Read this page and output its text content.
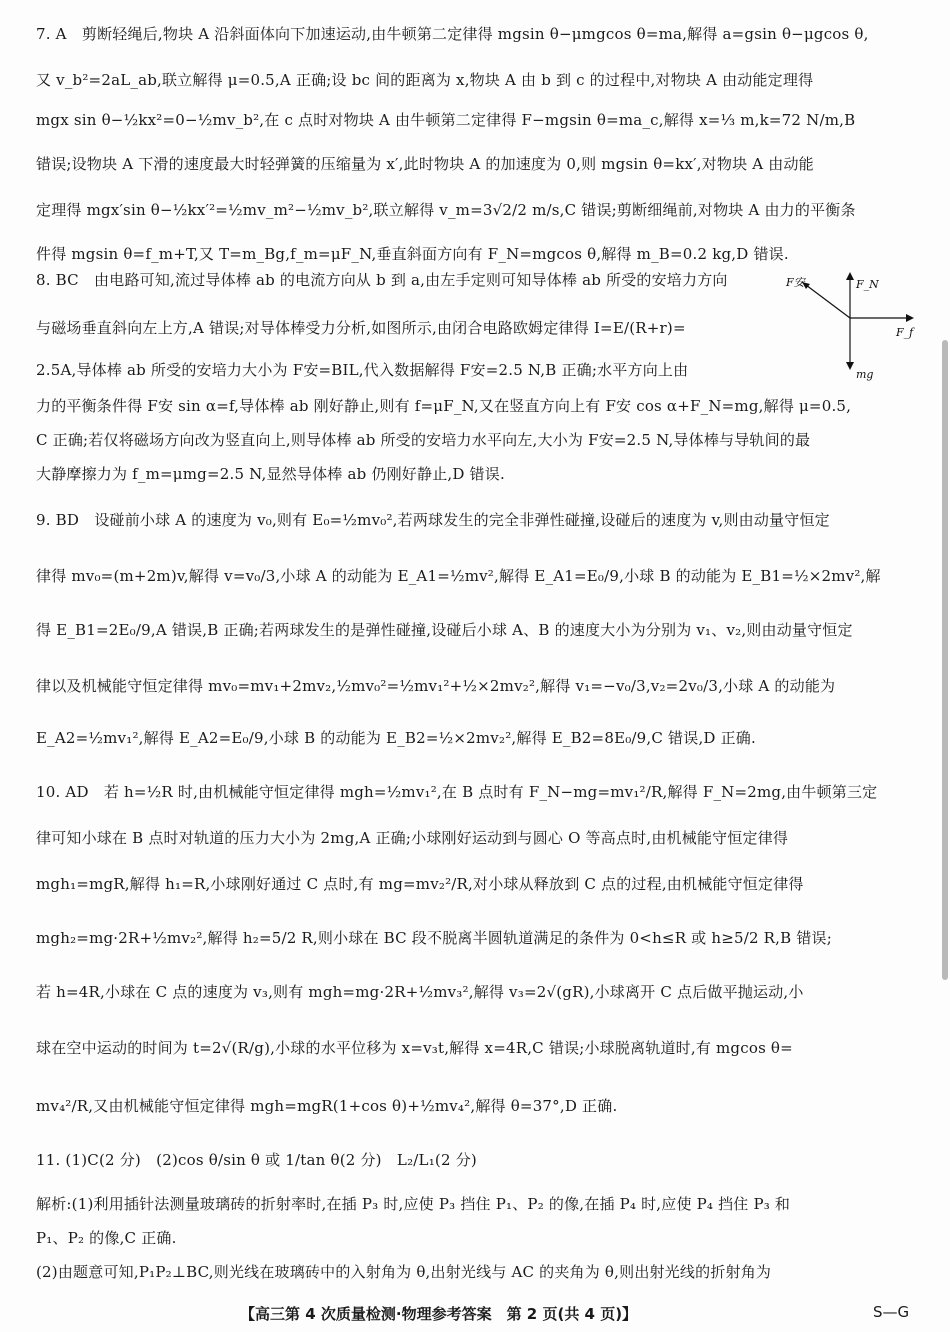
7. A　剪断轻绳后,物块 A 沿斜面体向下加速运动,由牛顿第二定律得 mgsin θ−μmgcos θ=ma,解得 a=gsin θ−μgcos θ,
又 v_b²=2aL_ab,联立解得 μ=0.5,A 正确;设 bc 间的距离为 x,物块 A 由 b 到 c 的过程中,对物块 A 由动能定理得
mgx sin θ−½kx²=0−½mv_b²,在 c 点时对物块 A 由牛顿第二定律得 F−mgsin θ=ma_c,解得 x=⅓ m,k=72 N/m,B
错误;设物块 A 下滑的速度最大时轻弹簧的压缩量为 x′,此时物块 A 的加速度为 0,则 mgsin θ=kx′,对物块 A 由动能
定理得 mgx′sin θ−½kx′²=½mv_m²−½mv_b²,联立解得 v_m=3√2/2 m/s,C 错误;剪断细绳前,对物块 A 由力的平衡条
件得 mgsin θ=f_m+T,又 T=m_Bg,f_m=μF_N,垂直斜面方向有 F_N=mgcos θ,解得 m_B=0.2 kg,D 错误.
8. BC　由电路可知,流过导体棒 ab 的电流方向从 b 到 a,由左手定则可知导体棒 ab 所受的安培力方向
与磁场垂直斜向左上方,A 错误;对导体棒受力分析,如图所示,由闭合电路欧姆定律得 I=E/(R+r)=
2.5A,导体棒 ab 所受的安培力大小为 F安=BIL,代入数据解得 F安=2.5 N,B 正确;水平方向上由
力的平衡条件得 F安 sin α=f,导体棒 ab 刚好静止,则有 f=μF_N,又在竖直方向上有 F安 cos α+F_N=mg,解得 μ=0.5,
C 正确;若仅将磁场方向改为竖直向上,则导体棒 ab 所受的安培力水平向左,大小为 F安=2.5 N,导体棒与导轨间的最
大静摩擦力为 f_m=μmg=2.5 N,显然导体棒 ab 仍刚好静止,D 错误.
F安	F_N
F_f
mg
9. BD　设碰前小球 A 的速度为 v₀,则有 E₀=½mv₀²,若两球发生的完全非弹性碰撞,设碰后的速度为 v,则由动量守恒定
律得 mv₀=(m+2m)v,解得 v=v₀/3,小球 A 的动能为 E_A1=½mv²,解得 E_A1=E₀/9,小球 B 的动能为 E_B1=½×2mv²,解
得 E_B1=2E₀/9,A 错误,B 正确;若两球发生的是弹性碰撞,设碰后小球 A、B 的速度大小为分别为 v₁、v₂,则由动量守恒定
律以及机械能守恒定律得 mv₀=mv₁+2mv₂,½mv₀²=½mv₁²+½×2mv₂²,解得 v₁=−v₀/3,v₂=2v₀/3,小球 A 的动能为
E_A2=½mv₁²,解得 E_A2=E₀/9,小球 B 的动能为 E_B2=½×2mv₂²,解得 E_B2=8E₀/9,C 错误,D 正确.
10. AD　若 h=½R 时,由机械能守恒定律得 mgh=½mv₁²,在 B 点时有 F_N−mg=mv₁²/R,解得 F_N=2mg,由牛顿第三定
律可知小球在 B 点时对轨道的压力大小为 2mg,A 正确;小球刚好运动到与圆心 O 等高点时,由机械能守恒定律得
mgh₁=mgR,解得 h₁=R,小球刚好通过 C 点时,有 mg=mv₂²/R,对小球从释放到 C 点的过程,由机械能守恒定律得
mgh₂=mg·2R+½mv₂²,解得 h₂=5/2 R,则小球在 BC 段不脱离半圆轨道满足的条件为 0<h≤R 或 h≥5/2 R,B 错误;
若 h=4R,小球在 C 点的速度为 v₃,则有 mgh=mg·2R+½mv₃²,解得 v₃=2√(gR),小球离开 C 点后做平抛运动,小
球在空中运动的时间为 t=2√(R/g),小球的水平位移为 x=v₃t,解得 x=4R,C 错误;小球脱离轨道时,有 mgcos θ=
mv₄²/R,又由机械能守恒定律得 mgh=mgR(1+cos θ)+½mv₄²,解得 θ=37°,D 正确.
11. (1)C(2 分)　(2)cos θ/sin θ 或 1/tan θ(2 分)　L₂/L₁(2 分)
解析:(1)利用插针法测量玻璃砖的折射率时,在插 P₃ 时,应使 P₃ 挡住 P₁、P₂ 的像,在插 P₄ 时,应使 P₄ 挡住 P₃ 和
P₁、P₂ 的像,C 正确.
(2)由题意可知,P₁P₂⊥BC,则光线在玻璃砖中的入射角为 θ,出射光线与 AC 的夹角为 θ,则出射光线的折射角为
【高三第 4 次质量检测·物理参考答案　第 2 页(共 4 页)】	S—G
